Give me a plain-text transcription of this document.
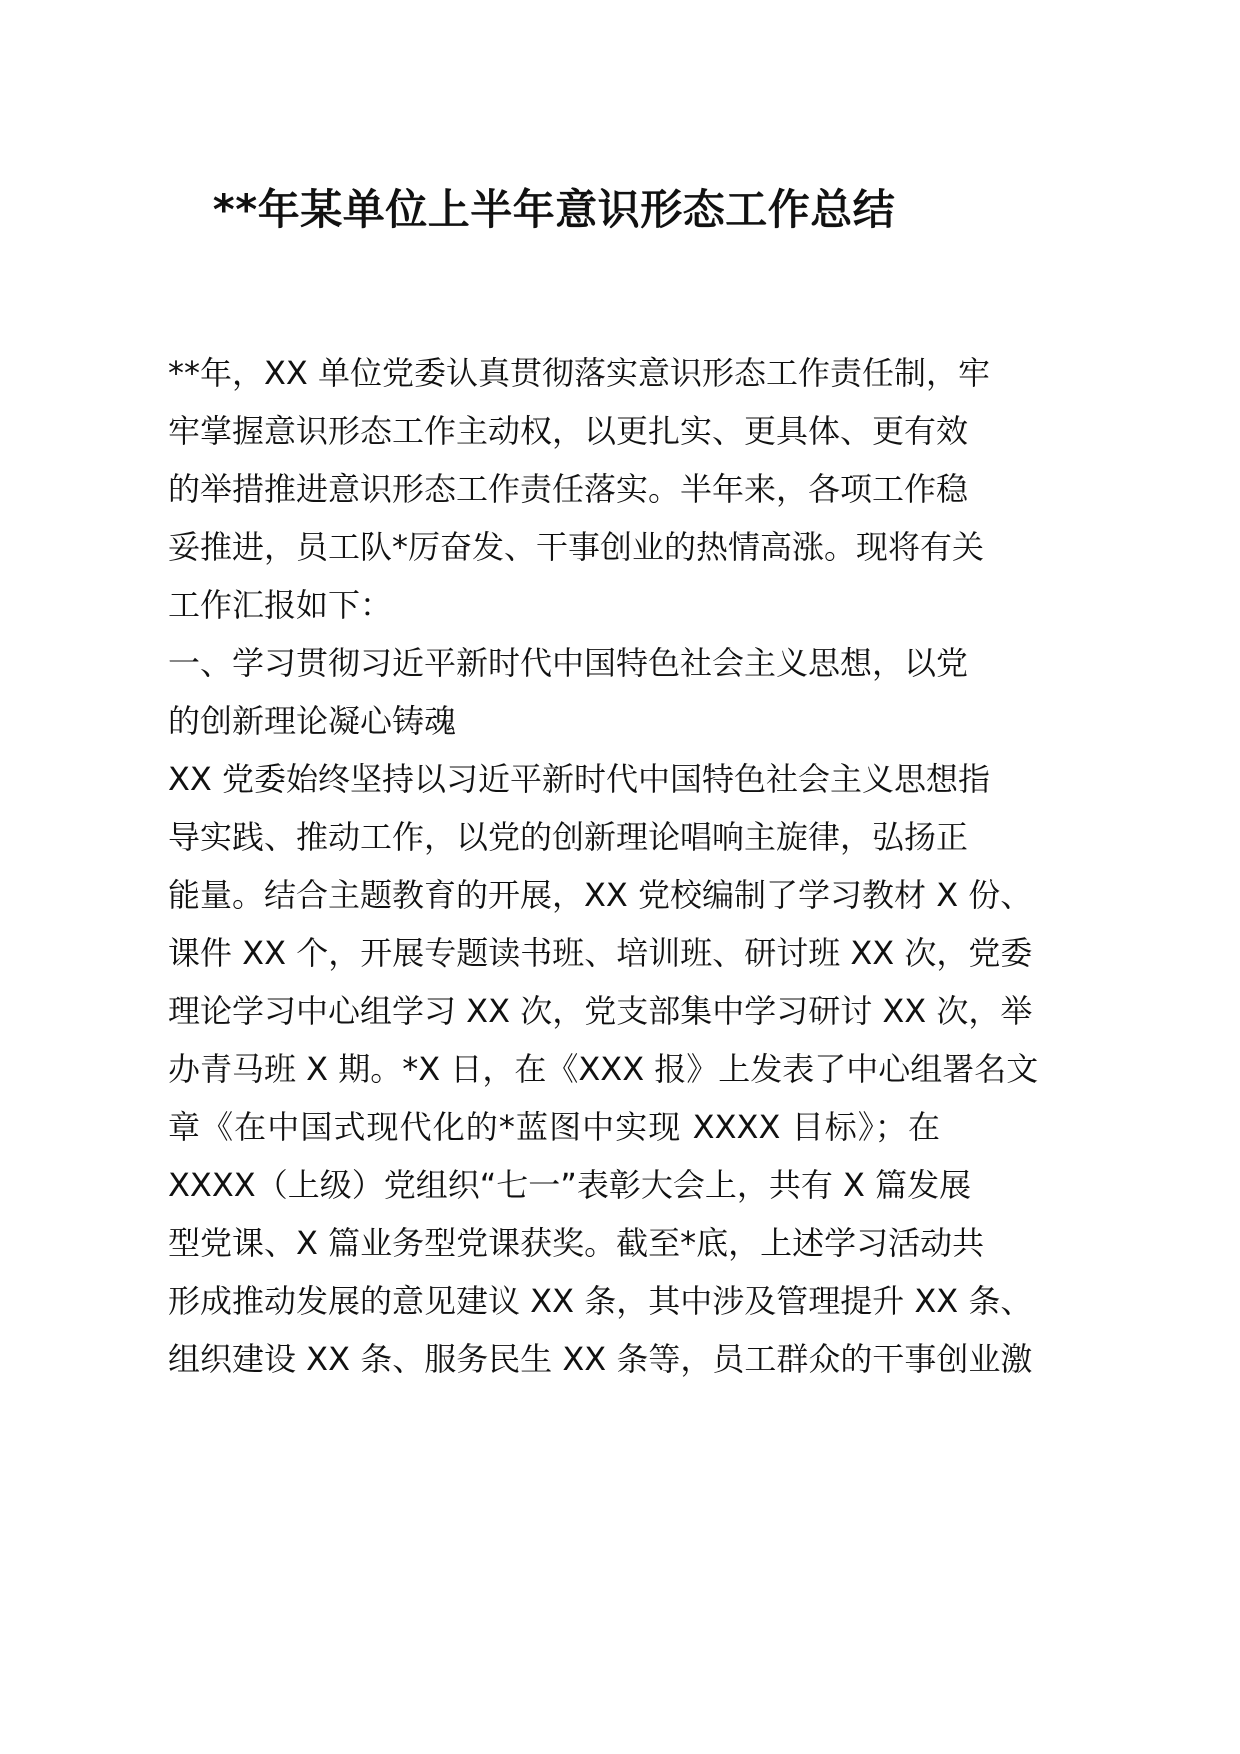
**年某单位上半年意识形态工作总结
**年，XX 单位党委认真贯彻落实意识形态工作责任制，牢
牢掌握意识形态工作主动权，以更扎实、更具体、更有效
的举措推进意识形态工作责任落实。半年来，各项工作稳
妥推进，员工队*厉奋发、干事创业的热情高涨。现将有关
工作汇报如下：
一、学习贯彻习近平新时代中国特色社会主义思想，以党
的创新理论凝心铸魂
XX 党委始终坚持以习近平新时代中国特色社会主义思想指
导实践、推动工作，以党的创新理论唱响主旋律，弘扬正
能量。结合主题教育的开展，XX 党校编制了学习教材 X 份、
课件 XX 个，开展专题读书班、培训班、研讨班 XX 次，党委
理论学习中心组学习 XX 次，党支部集中学习研讨 XX 次，举
办青马班 X 期。*X 日，在《XXX 报》上发表了中心组署名文
章《在中国式现代化的*蓝图中实现 XXXX 目标》；在
XXXX（上级）党组织“七一”表彰大会上，共有 X 篇发展
型党课、X 篇业务型党课获奖。截至*底，上述学习活动共
形成推动发展的意见建议 XX 条，其中涉及管理提升 XX 条、
组织建设 XX 条、服务民生 XX 条等，员工群众的干事创业激
